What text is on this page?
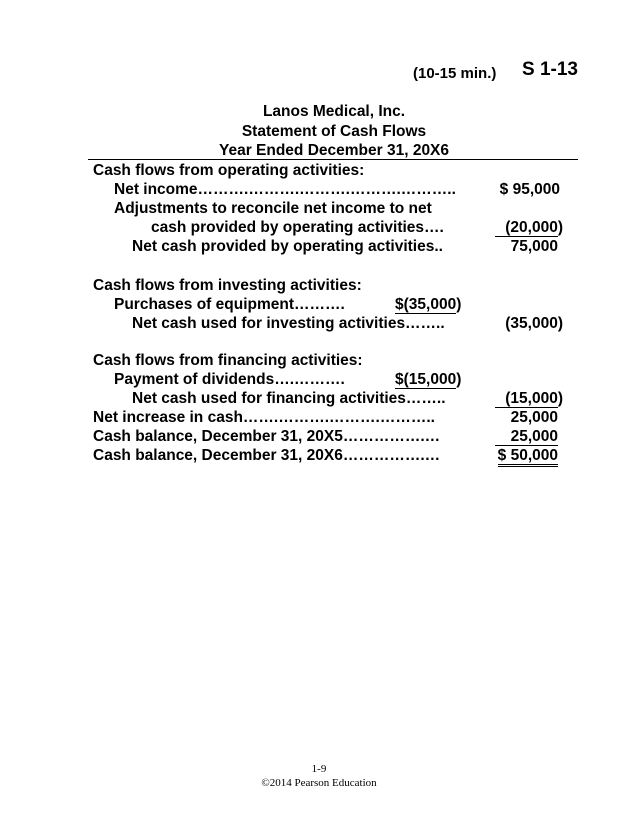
(10-15 min.) S 1-13
Lanos Medical, Inc.
Statement of Cash Flows
Year Ended December 31, 20X6
Cash flows from operating activities:
Net income……….……….……….……….………..	$ 95,000
Adjustments to reconcile net income to net
cash provided by operating activities….	(20,000)
Net cash provided by operating activities..	75,000
Cash flows from investing activities:
Purchases of equipment……….	$(35,000)
Net cash used for investing activities……..	(35,000)
Cash flows from financing activities:
Payment of dividends….……….	$(15,000)
Net cash used for financing activities……..	(15,000)
Net increase in cash…….……….……….………..	25,000
Cash balance, December 31, 20X5…………….…	25,000
Cash balance, December 31, 20X6…………….…	$ 50,000
1-9
©2014 Pearson Education
